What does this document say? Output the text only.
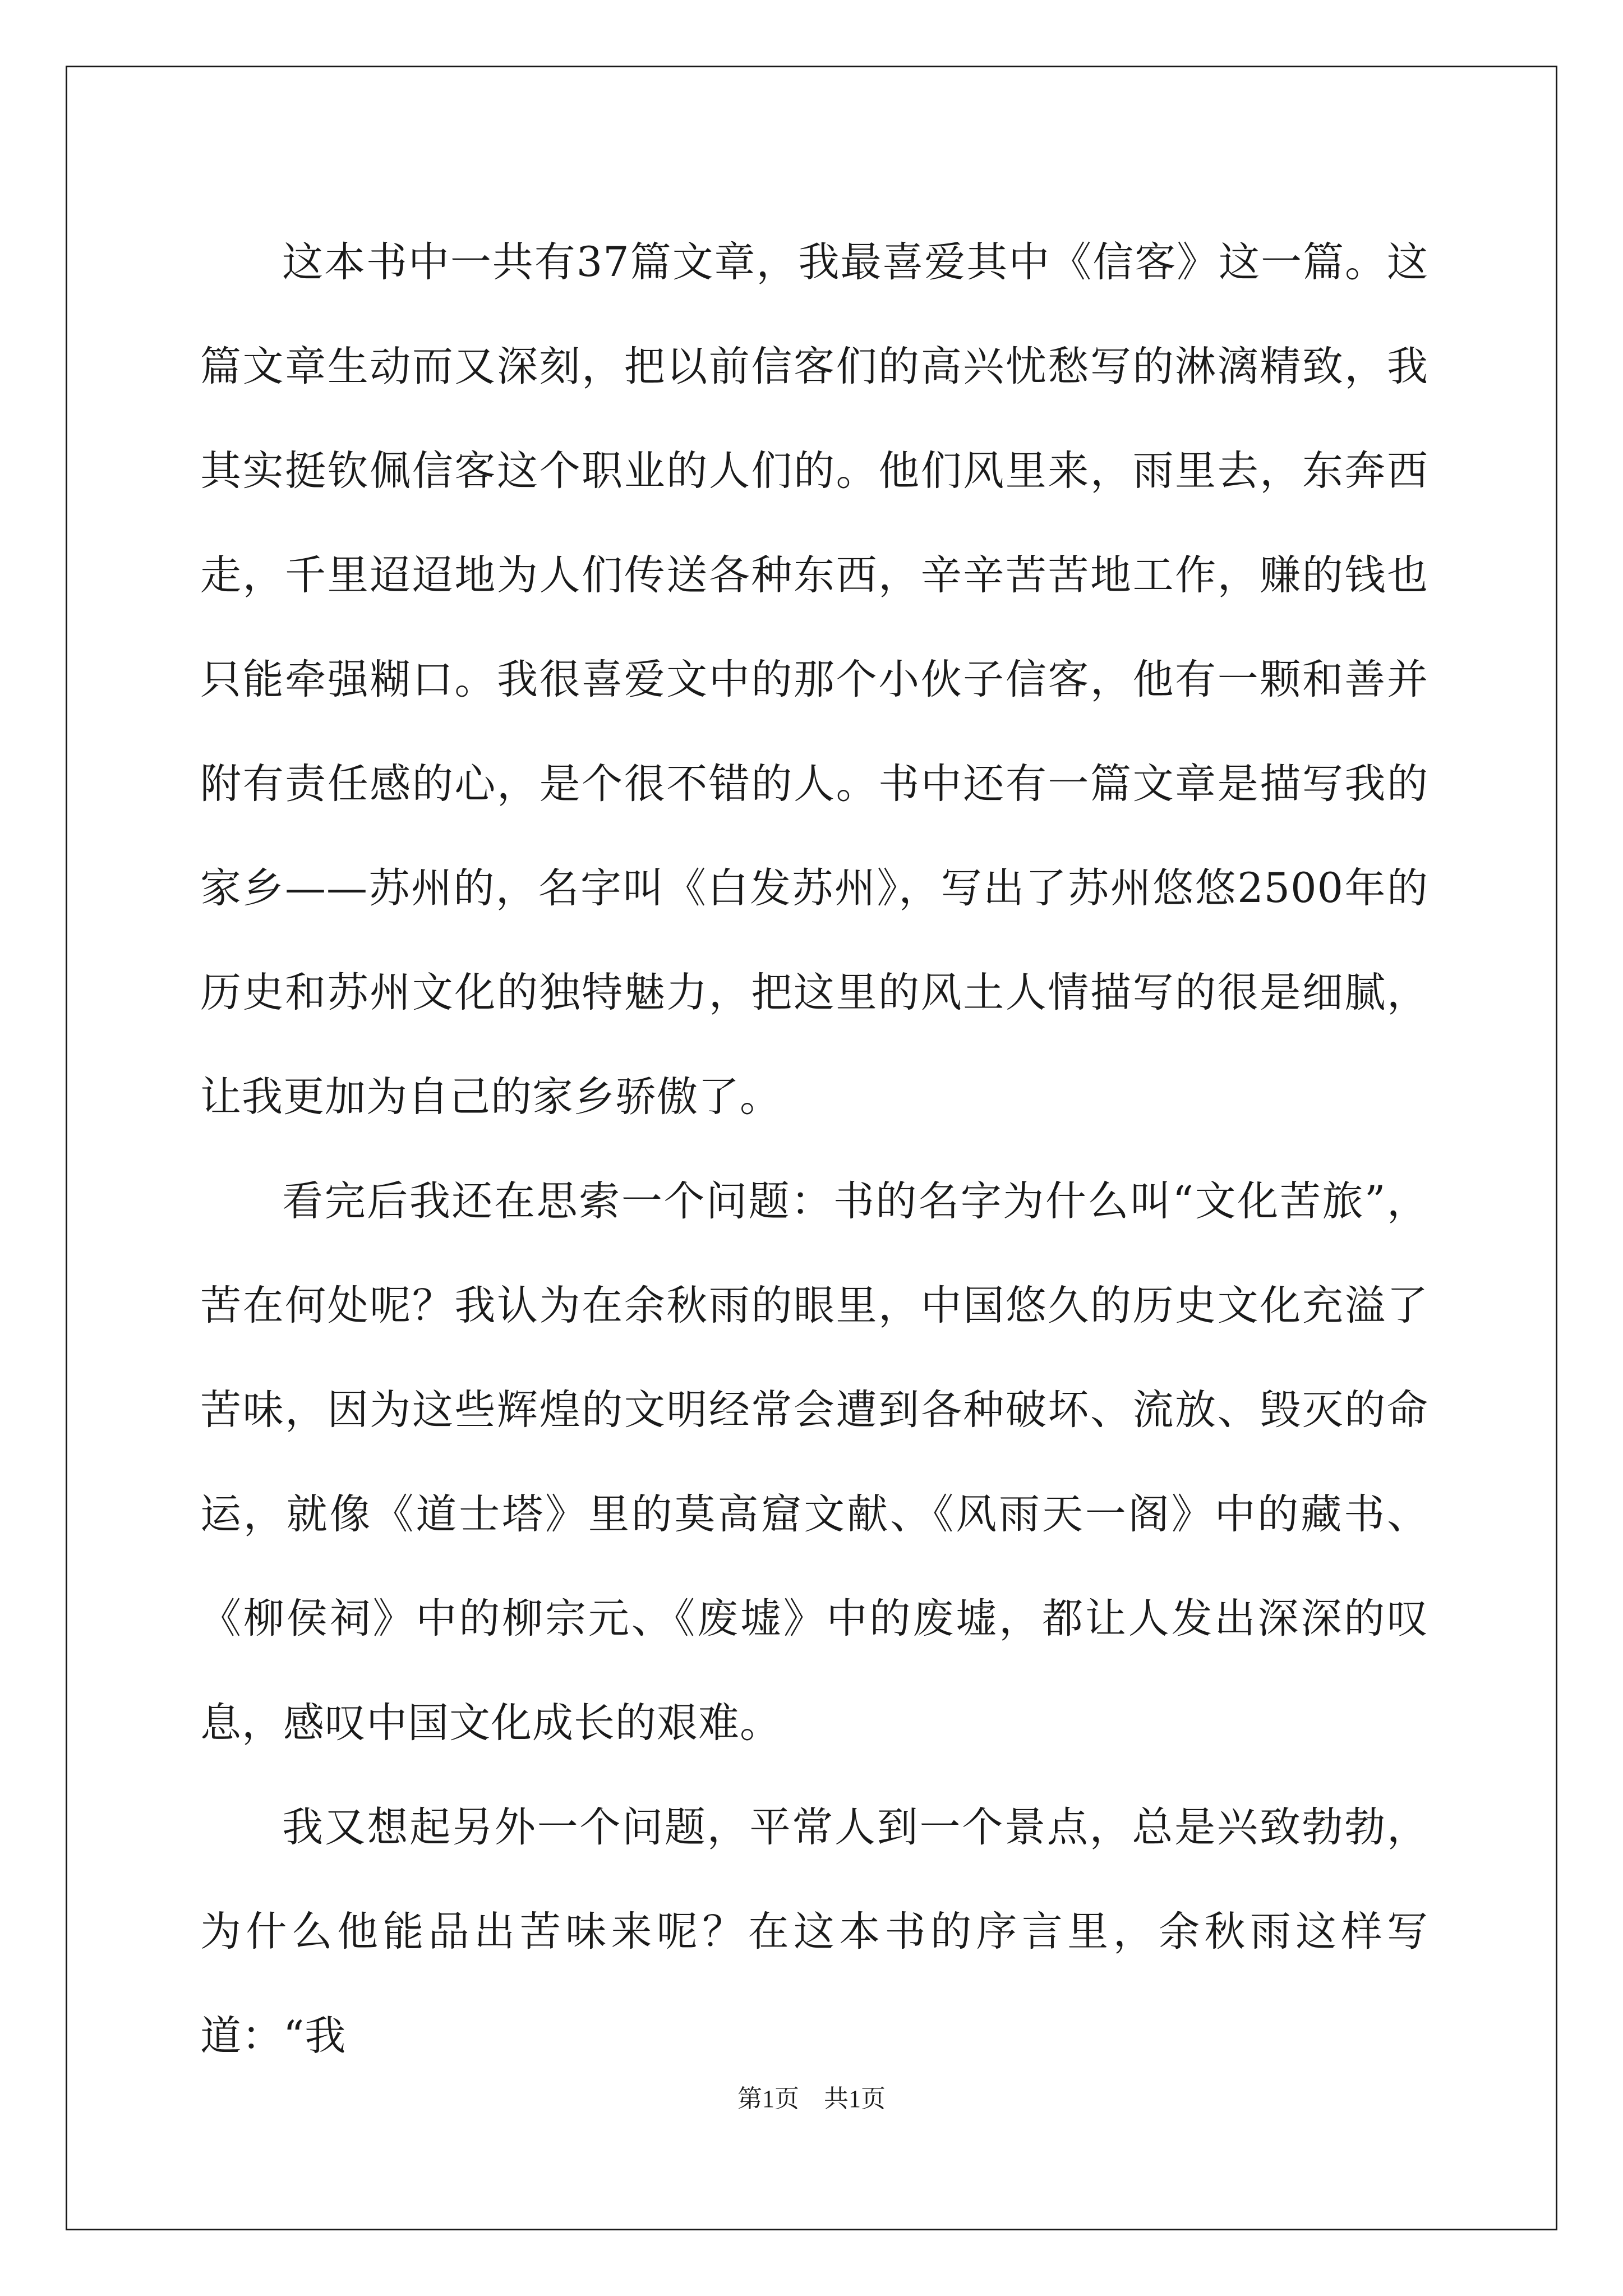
这本书中一共有37篇文章，我最喜爱其中《信客》这一篇。这篇文章生动而又深刻，把以前信客们的高兴忧愁写的淋漓精致，我其实挺钦佩信客这个职业的人们的。他们风里来，雨里去，东奔西走，千里迢迢地为人们传送各种东西，辛辛苦苦地工作，赚的钱也只能牵强糊口。我很喜爱文中的那个小伙子信客，他有一颗和善并附有责任感的心，是个很不错的人。书中还有一篇文章是描写我的家乡——苏州的，名字叫《白发苏州》，写出了苏州悠悠2500年的历史和苏州文化的独特魅力，把这里的风土人情描写的很是细腻，让我更加为自己的家乡骄傲了。

看完后我还在思索一个问题：书的名字为什么叫“文化苦旅”，苦在何处呢？我认为在余秋雨的眼里，中国悠久的历史文化充溢了苦味，因为这些辉煌的文明经常会遭到各种破坏、流放、毁灭的命运，就像《道士塔》里的莫高窟文献、《风雨天一阁》中的藏书、《柳侯祠》中的柳宗元、《废墟》中的废墟，都让人发出深深的叹息，感叹中国文化成长的艰难。

我又想起另外一个问题，平常人到一个景点，总是兴致勃勃，为什么他能品出苦味来呢？在这本书的序言里，余秋雨这样写道：“我

第1页 共1页
